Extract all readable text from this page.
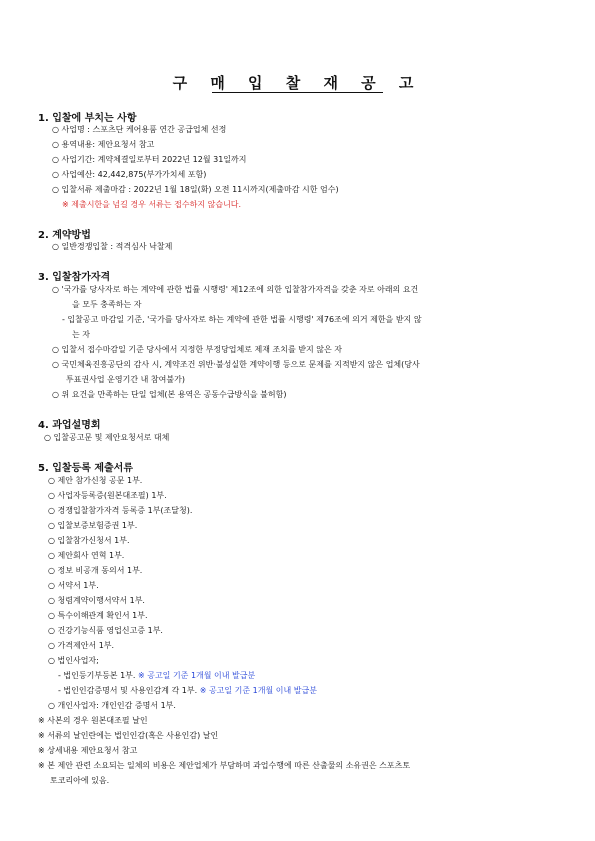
구 매 입 찰 재 공 고
1. 입찰에 부치는 사항
○ 사업명 : 스포츠단 케어용품 연간 공급업체 선정
○ 용역내용: 제안요청서 참고
○ 사업기간: 계약체결일로부터 2022년 12월 31일까지
○ 사업예산: 42,442,875(부가가치세 포함)
○ 입찰서류 제출마감 : 2022년 1월 18일(화) 오전 11시까지(제출마감 시한 엄수)
※ 제출시한을 넘길 경우 서류는 접수하지 않습니다.
2. 계약방법
○ 일반경쟁입찰 : 적격심사 낙찰제
3. 입찰참가자격
○ '국가를 당사자로 하는 계약에 관한 법률 시행령' 제12조에 의한 입찰참가자격을 갖춘 자로 아래의 요건
을 모두 충족하는 자
- 입찰공고 마감일 기준, '국가를 당사자로 하는 계약에 관한 법률 시행령' 제76조에 의거 제한을 받지 않
는 자
○ 입찰서 접수마감일 기준 당사에서 지정한 부정당업체로 제재 조치를 받지 않은 자
○ 국민체육진흥공단의 감사 시, 계약조건 위반·불성실한 계약이행 등으로 문제를 지적받지 않은 업체(당사
투표권사업 운영기간 내 참여불가)
○ 위 요건을 만족하는 단일 업체(본 용역은 공동수급방식을 불허함)
4. 과업설명회
○ 입찰공고문 및 제안요청서로 대체
5. 입찰등록 제출서류
○ 제안 참가신청 공문 1부.
○ 사업자등록증(원본대조필) 1부.
○ 경쟁입찰참가자격 등록증 1부(조달청).
○ 입찰보증보험증권 1부.
○ 입찰참가신청서 1부.
○ 제안회사 연혁 1부.
○ 정보 비공개 동의서 1부.
○ 서약서 1부.
○ 청렴계약이행서약서 1부.
○ 특수이해관계 확인서 1부.
○ 건강기능식품 영업신고증 1부.
○ 가격제안서 1부.
○ 법인사업자;
- 법인등기부등본 1부. ※ 공고일 기준 1개월 이내 발급분
- 법인인감증명서 및 사용인감계 각 1부. ※ 공고일 기준 1개월 이내 발급분
○ 개인사업자: 개인인감 증명서 1부.
※ 사본의 경우 원본대조필 날인
※ 서류의 날인란에는 법인인감(혹은 사용인감) 날인
※ 상세내용 제안요청서 참고
※ 본 제안 관련 소요되는 일체의 비용은 제안업체가 부담하며 과업수행에 따른 산출물의 소유권은 스포츠토
토코리아에 있음.
